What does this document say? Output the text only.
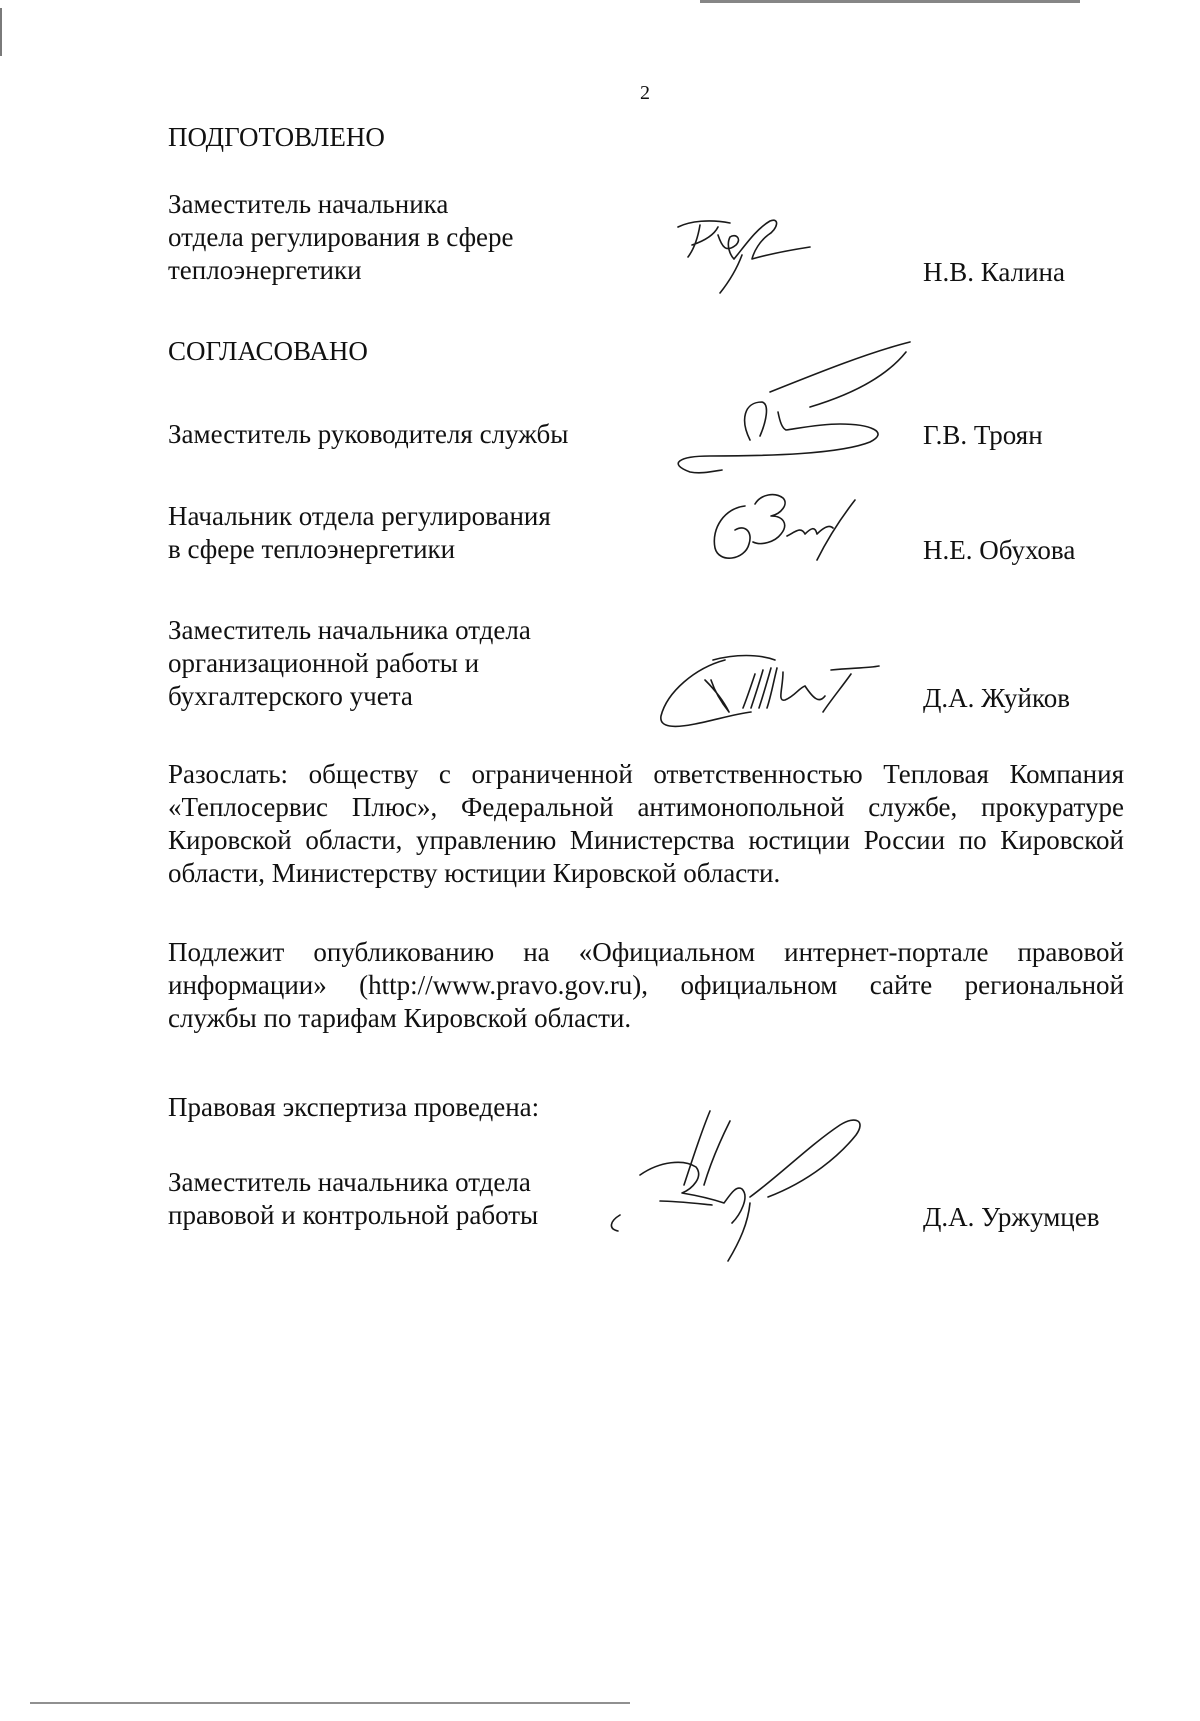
2
ПОДГОТОВЛЕНО
Заместитель начальника
отдела регулирования в сфере
теплоэнергетики	Н.В. Калина
СОГЛАСОВАНО
Заместитель руководителя службы	Г.В. Троян
Начальник отдела регулирования
в сфере теплоэнергетики	Н.Е. Обухова
Заместитель начальника отдела
организационной работы и
бухгалтерского учета	Д.А. Жуйков
Разослать: обществу с ограниченной ответственностью Тепловая Компания
«Теплосервис Плюс», Федеральной антимонопольной службе, прокуратуре
Кировской области, управлению Министерства юстиции России по Кировской
области, Министерству юстиции Кировской области.
Подлежит опубликованию на «Официальном интернет-портале правовой
информации» (http://www.pravo.gov.ru), официальном сайте региональной
службы по тарифам Кировской области.
Правовая экспертиза проведена:
Заместитель начальника отдела
правовой и контрольной работы	Д.А. Уржумцев
